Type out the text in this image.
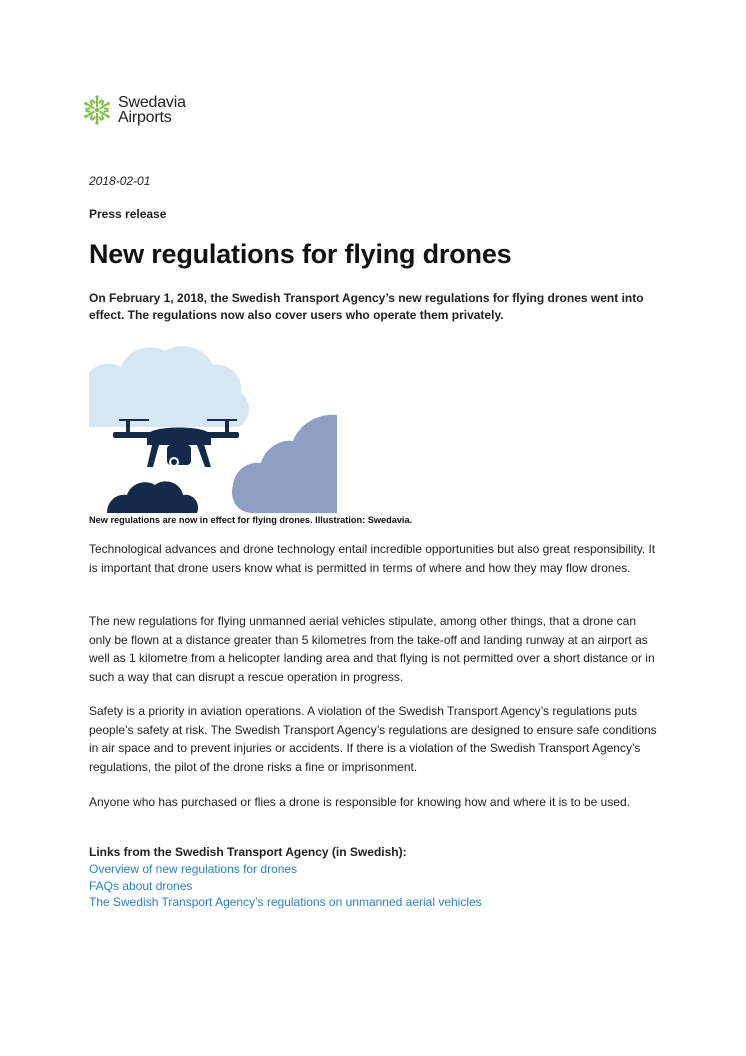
Swedavia
Airports
2018-02-01
Press release
New regulations for flying drones

On February 1, 2018, the Swedish Transport Agency’s new regulations for flying drones went into effect. The regulations now also cover users who operate them privately.

New regulations are now in effect for flying drones. Illustration: Swedavia.

Technological advances and drone technology entail incredible opportunities but also great responsibility. It is important that drone users know what is permitted in terms of where and how they may flow drones.

The new regulations for flying unmanned aerial vehicles stipulate, among other things, that a drone can only be flown at a distance greater than 5 kilometres from the take-off and landing runway at an airport as well as 1 kilometre from a helicopter landing area and that flying is not permitted over a short distance or in such a way that can disrupt a rescue operation in progress.

Safety is a priority in aviation operations. A violation of the Swedish Transport Agency’s regulations puts people’s safety at risk. The Swedish Transport Agency’s regulations are designed to ensure safe conditions in air space and to prevent injuries or accidents. If there is a violation of the Swedish Transport Agency’s regulations, the pilot of the drone risks a fine or imprisonment.

Anyone who has purchased or flies a drone is responsible for knowing how and where it is to be used.

Links from the Swedish Transport Agency (in Swedish):
Overview of new regulations for drones
FAQs about drones
The Swedish Transport Agency’s regulations on unmanned aerial vehicles
